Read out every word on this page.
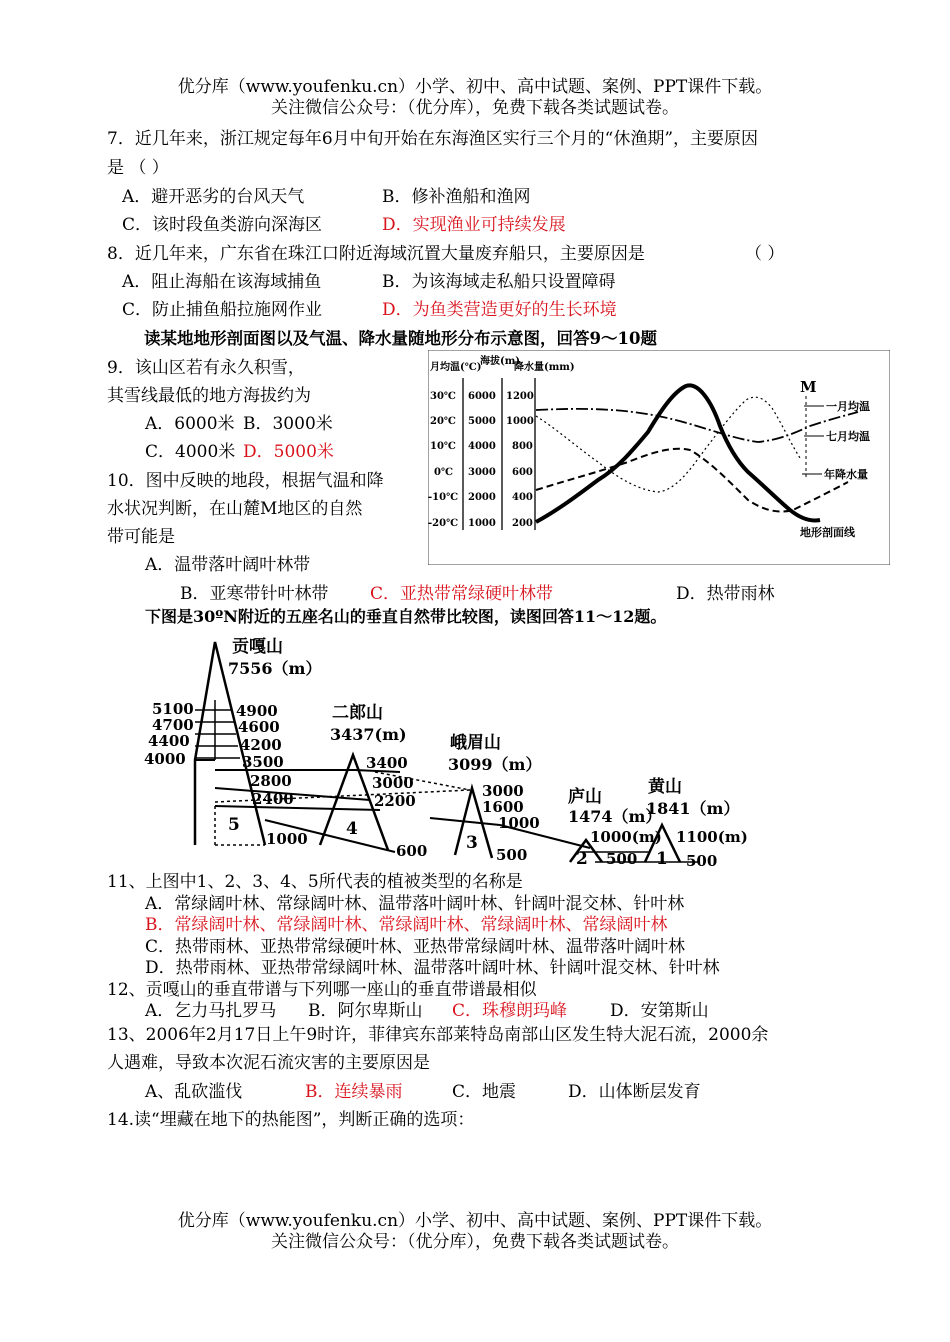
优分库（www.youfenku.cn）小学、初中、高中试题、案例、PPT课件下载。
关注微信公众号：（优分库），免费下载各类试题试卷。
7．近几年来，浙江规定每年6月中旬开始在东海渔区实行三个月的“休渔期”，主要原因
是 （ ）
A．避开恶劣的台风天气	B．修补渔船和渔网
C．该时段鱼类游向深海区	D．实现渔业可持续发展
8．近几年来，广东省在珠江口附近海域沉置大量废弃船只，主要原因是	（ ）
A．阻止海船在该海域捕鱼	B．为该海域走私船只设置障碍
C．防止捕鱼船拉施网作业	D．为鱼类营造更好的生长环境
读某地地形剖面图以及气温、降水量随地形分布示意图，回答9～10题
9．该山区若有永久积雪，
其雪线最低的地方海拔约为
A．6000米 B．3000米
C．4000米 D．5000米
10．图中反映的地段，根据气温和降
水状况判断，在山麓M地区的自然
带可能是
A．温带落叶阔叶林带
B．亚寒带针叶林带 C．亚热带常绿硬叶林带	D．热带雨林
月均温(℃)
海拔(m)
降水量(mm)
30℃
20℃
10℃
0℃
-10℃
-20℃
6000
5000
4000
3000
2000
1000
1200
1000
800
600
400
200
M
一月均温
七月均温
年降水量
地形剖面线
下图是30ºN附近的五座名山的垂直自然带比较图，读图回答11～12题。
贡嘎山
7556（m）
二郎山
3437(m)	峨眉山
3099（m）
庐山
1474（m）
黄山
1841（m）
5100
4700
4400
4000
4900
4600
4200
3500
2800
2400
1000
3400
3000
2200
600
3000
1600
1000
500
1000(m)
500
1100(m)
500
5	4
3
2	1
11、上图中1、2、3、4、5所代表的植被类型的名称是
A．常绿阔叶林、常绿阔叶林、温带落叶阔叶林、针阔叶混交林、针叶林
B．常绿阔叶林、常绿阔叶林、常绿阔叶林、常绿阔叶林、常绿阔叶林
C．热带雨林、亚热带常绿硬叶林、亚热带常绿阔叶林、温带落叶阔叶林
D．热带雨林、亚热带常绿阔叶林、温带落叶阔叶林、针阔叶混交林、针叶林
12、贡嘎山的垂直带谱与下列哪一座山的垂直带谱最相似
A．乞力马扎罗马 B．阿尔卑斯山 C．珠穆朗玛峰	D．安第斯山
13、2006年2月17日上午9时许，菲律宾东部莱特岛南部山区发生特大泥石流，2000余
人遇难，导致本次泥石流灾害的主要原因是
A、乱砍滥伐	B．连续暴雨	C．地震	D．山体断层发育
14.读“埋藏在地下的热能图”，判断正确的选项：
优分库（www.youfenku.cn）小学、初中、高中试题、案例、PPT课件下载。
关注微信公众号：（优分库），免费下载各类试题试卷。
